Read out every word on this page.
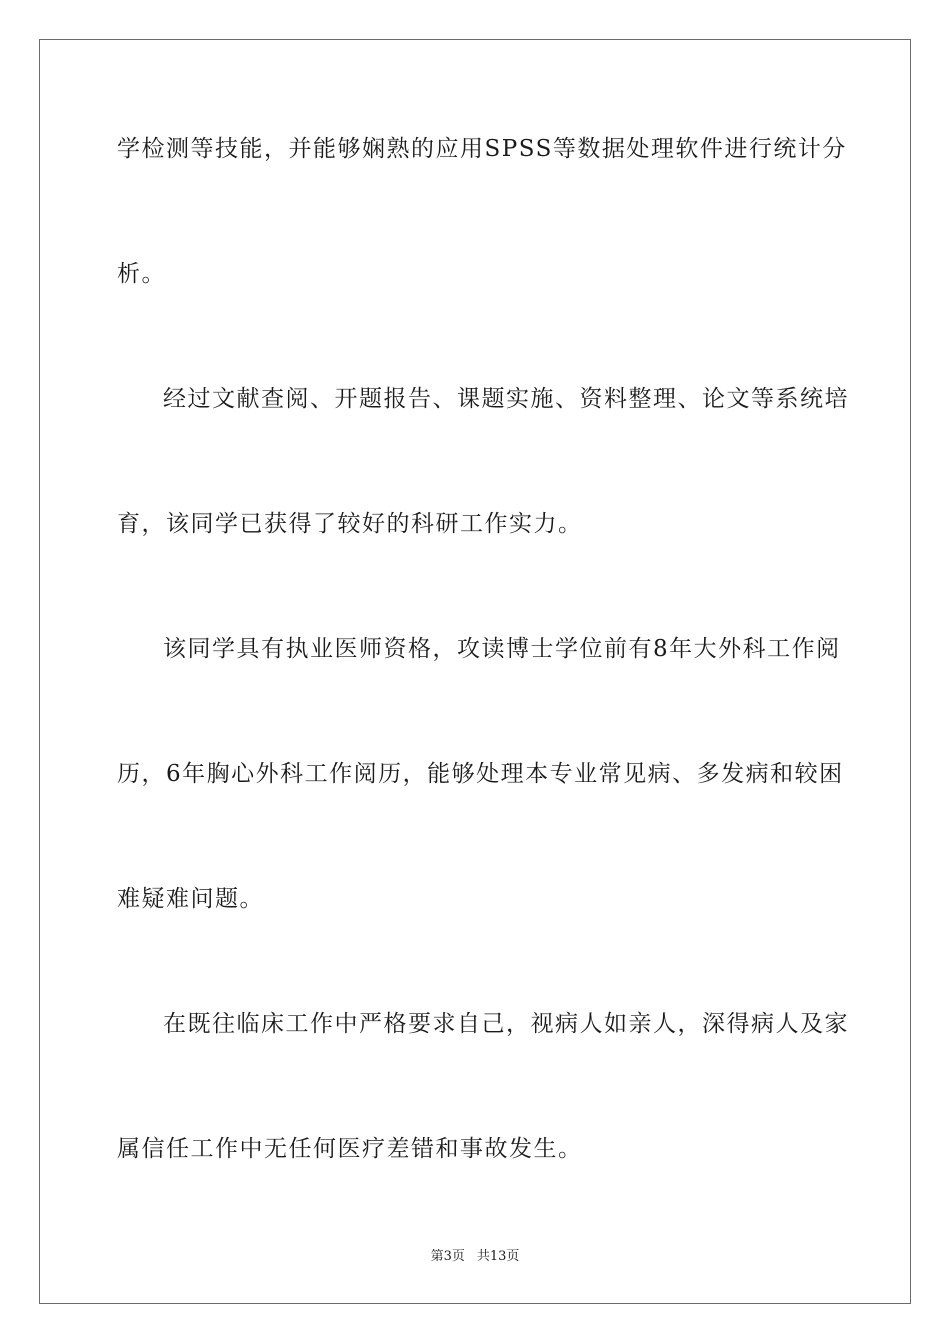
学检测等技能，并能够娴熟的应用SPSS等数据处理软件进行统计分
析。
经过文献查阅、开题报告、课题实施、资料整理、论文等系统培
育，该同学已获得了较好的科研工作实力。
该同学具有执业医师资格，攻读博士学位前有8年大外科工作阅
历，6年胸心外科工作阅历，能够处理本专业常见病、多发病和较困
难疑难问题。
在既往临床工作中严格要求自己，视病人如亲人，深得病人及家
属信任工作中无任何医疗差错和事故发生。
第3页 共13页
